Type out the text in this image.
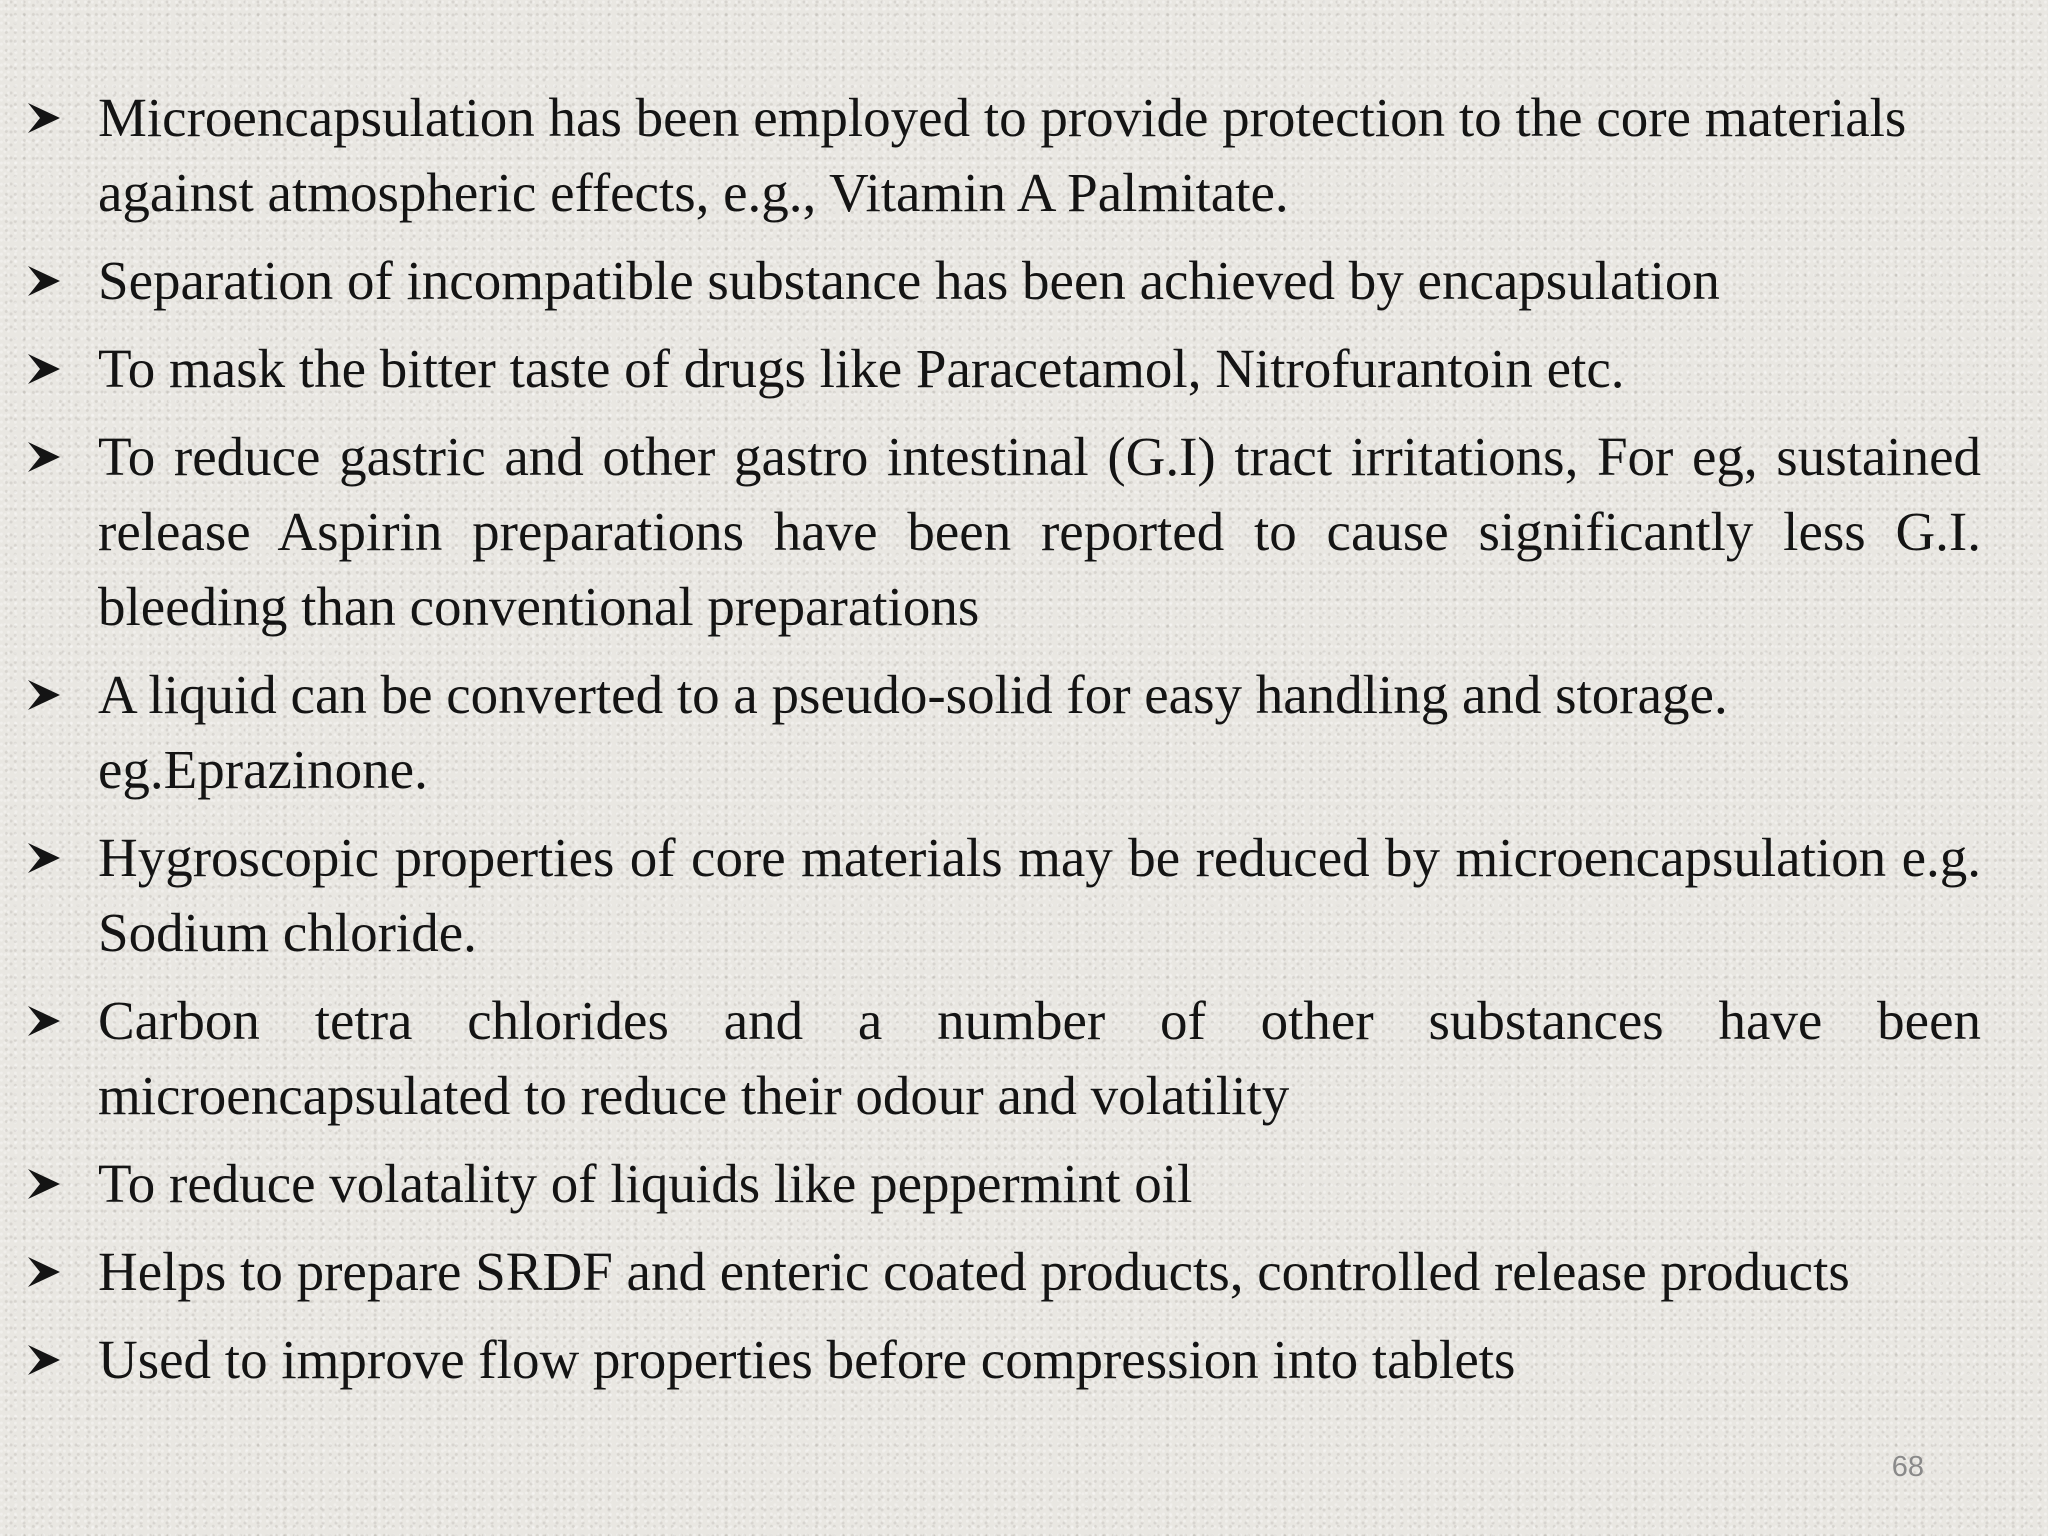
Microencapsulation has been employed to provide protection to the core materials against atmospheric effects, e.g., Vitamin A Palmitate.
Separation of incompatible substance has been achieved by encapsulation
To mask the bitter taste of drugs like Paracetamol, Nitrofurantoin etc.
To reduce gastric and other gastro intestinal (G.I) tract irritations, For eg, sustained release Aspirin preparations have been reported to cause significantly less G.I. bleeding than conventional preparations
A liquid can be converted to a pseudo-solid for easy handling and storage. eg.Eprazinone.
Hygroscopic properties of core materials may be reduced by microencapsulation e.g. Sodium chloride.
Carbon tetra chlorides and a number of other substances have been microencapsulated to reduce their odour and volatility
To reduce volatality of liquids like peppermint oil
Helps to prepare SRDF and enteric coated products, controlled release products
Used to improve flow properties before compression into tablets
68
